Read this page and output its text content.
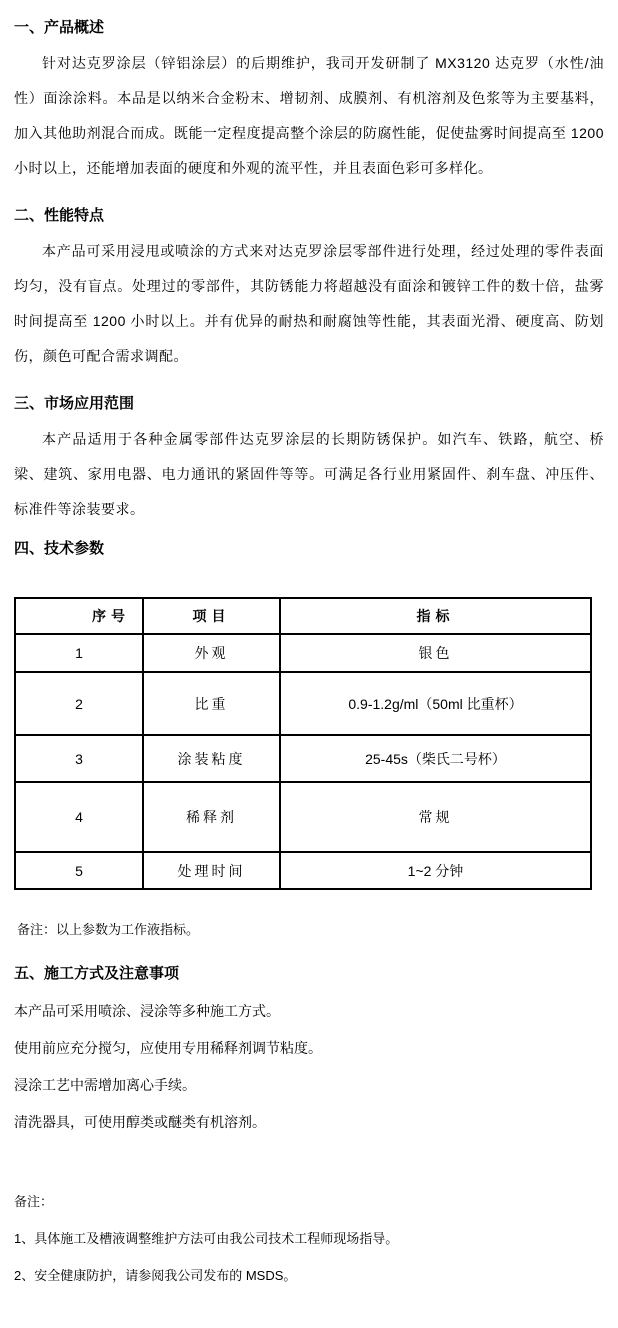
一、产品概述

针对达克罗涂层（锌铝涂层）的后期维护，我司开发研制了 MX3120 达克罗（水性/油性）面涂涂料。本品是以纳米合金粉末、增韧剂、成膜剂、有机溶剂及色浆等为主要基料，加入其他助剂混合而成。既能一定程度提高整个涂层的防腐性能，促使盐雾时间提高至 1200 小时以上，还能增加表面的硬度和外观的流平性，并且表面色彩可多样化。

二、性能特点

本产品可采用浸甩或喷涂的方式来对达克罗涂层零部件进行处理，经过处理的零件表面均匀，没有盲点。处理过的零部件，其防锈能力将超越没有面涂和镀锌工件的数十倍，盐雾时间提高至 1200 小时以上。并有优异的耐热和耐腐蚀等性能，其表面光滑、硬度高、防划伤，颜色可配合需求调配。

三、市场应用范围

本产品适用于各种金属零部件达克罗涂层的长期防锈保护。如汽车、铁路，航空、桥梁、建筑、家用电器、电力通讯的紧固件等等。可满足各行业用紧固件、刹车盘、冲压件、标准件等涂装要求。

四、技术参数
序号	项目	指标
1	外观	银色
2	比重	0.9-1.2g/ml（50ml 比重杯）
3	涂装粘度	25-45s（柴氏二号杯）
4	稀释剂	常规
5	处理时间	1~2 分钟

备注：以上参数为工作液指标。

五、施工方式及注意事项

本产品可采用喷涂、浸涂等多种施工方式。

使用前应充分搅匀，应使用专用稀释剂调节粘度。

浸涂工艺中需增加离心手续。

清洗器具，可使用醇类或醚类有机溶剂。

备注：

1、具体施工及槽液调整维护方法可由我公司技术工程师现场指导。

2、安全健康防护，请参阅我公司发布的 MSDS。
